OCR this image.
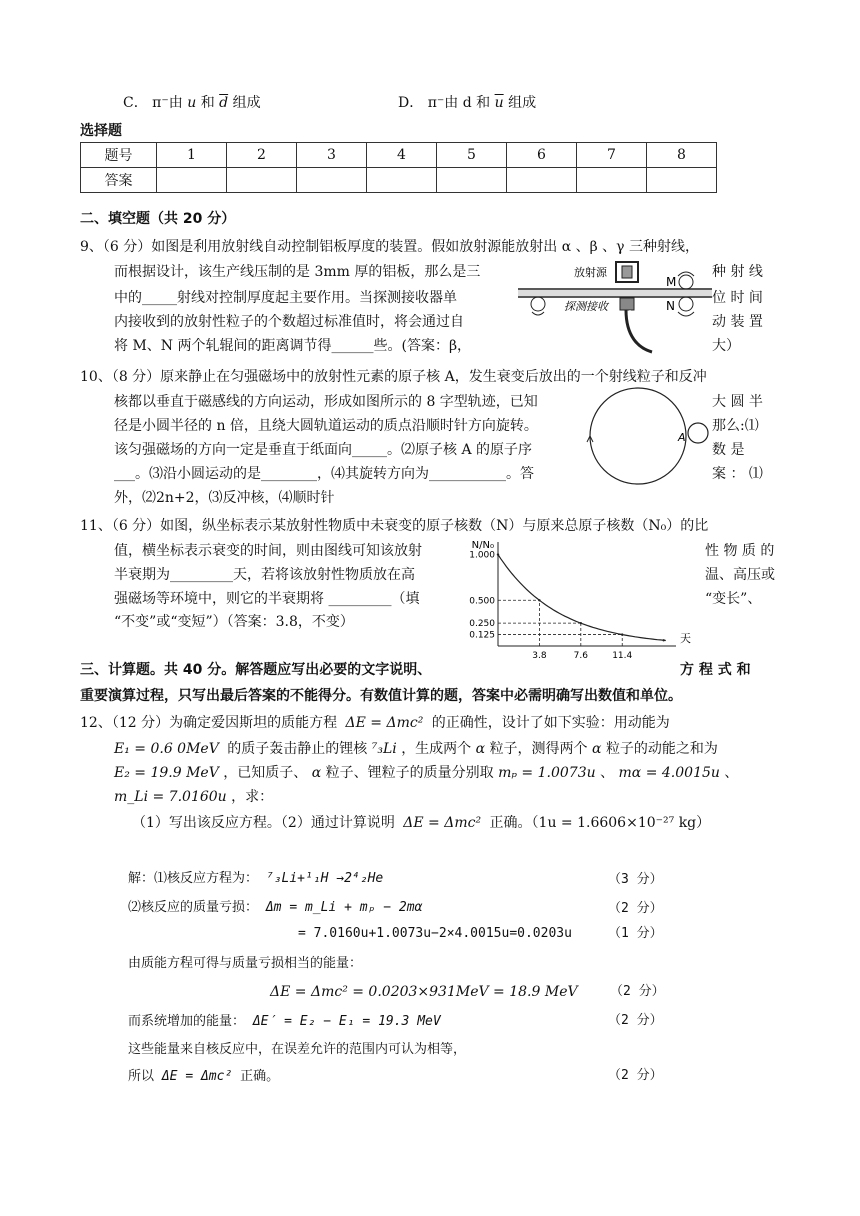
C． π⁻由 u 和 $\overline{d}$ 组成	D． π⁻由 d 和 $\overline{u}$ 组成
选择题
题号	1	2	3	4	5	6	7	8
答案								
二、填空题（共 20 分）
9、（6 分）如图是利用放射线自动控制铝板厚度的装置。假如放射源能放射出 α 、β 、γ 三种射线，
而根据设计，该生产线压制的是 3mm 厚的铝板，那么是三	种 射 线
中的_____射线对控制厚度起主要作用。当探测接收器单	位 时 间
内接收到的放射性粒子的个数超过标准值时，将会通过自	动 装 置
将 M、N 两个轧辊间的距离调节得______些。(答案：β，	大）
放射源
探测接收
M
N
10、（8 分）原来静止在匀强磁场中的放射性元素的原子核 A，发生衰变后放出的一个射线粒子和反冲
核都以垂直于磁感线的方向运动，形成如图所示的 8 字型轨迹，已知	大 圆 半
径是小圆半径的 n 倍，且绕大圆轨道运动的质点沿顺时针方向旋转。	那么:⑴
该匀强磁场的方向一定是垂直于纸面向_____。⑵原子核 A 的原子序	数 是
___。⑶沿小圆运动的是________，⑷其旋转方向为___________。答	案 ： ⑴
外，⑵2n+2，⑶反冲核，⑷顺时针
A
11、（6 分）如图，纵坐标表示某放射性物质中未衰变的原子核数（N）与原来总原子核数（N₀）的比
值，横坐标表示衰变的时间，则由图线可知该放射	性 物 质 的
半衰期为_________天，若将该放射性物质放在高	温、高压或
强磁场等环境中，则它的半衰期将 _________（填	“变长”、
“不变”或“变短”）（答案：3.8，不变）
N/N₀
天
1.000
0.500
0.250
0.125
3.8	7.6	11.4
三、计算题。共 40 分。解答题应写出必要的文字说明、	方 程 式 和
重要演算过程，只写出最后答案的不能得分。有数值计算的题，答案中必需明确写出数值和单位。
12、（12 分）为确定爱因斯坦的质能方程 ΔE = Δmc² 的正确性，设计了如下实验：用动能为
E₁ = 0.6 0MeV 的质子轰击静止的锂核 ⁷₃Li ，生成两个 α 粒子，测得两个 α 粒子的动能之和为
E₂ = 19.9 MeV ，已知质子、 α 粒子、锂粒子的质量分别取 mₚ = 1.0073u 、 mα = 4.0015u 、
m_Li = 7.0160u ，求：
（1）写出该反应方程。（2）通过计算说明 ΔE = Δmc² 正确。（1u = 1.6606×10⁻²⁷ kg）
解：⑴核反应方程为： ⁷₃Li+¹₁H →2⁴₂He	（3 分）
⑵核反应的质量亏损： Δm = m_Li + mₚ − 2mα	（2 分）
= 7.0160u+1.0073u−2×4.0015u=0.0203u	（1 分）
由质能方程可得与质量亏损相当的能量：
ΔE = Δmc² = 0.0203×931MeV = 18.9 MeV （2 分）
而系统增加的能量： ΔE′ = E₂ − E₁ = 19.3 MeV	（2 分）
这些能量来自核反应中，在误差允许的范围内可认为相等，
所以 ΔE = Δmc² 正确。	（2 分）
